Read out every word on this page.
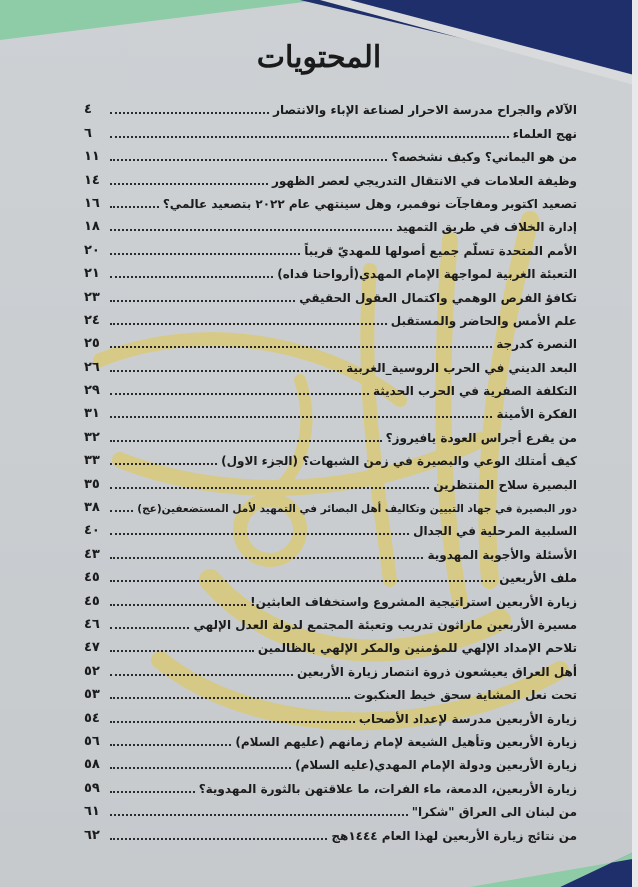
المحتويات
الآلام والجراح مدرسة الاحرار لصناعة الإباء والانتصار
٤
نهج العلماء
٦
من هو اليماني؟ وكيف نشخصه؟
١١
وظيفة العلامات في الانتقال التدريجي لعصر الظهور
١٤
تصعيد اكتوبر ومفاجآت نوفمبر، وهل سينتهي عام ٢٠٢٢ بتصعيد عالمي؟
١٦
إدارة الخلاف في طريق التمهيد
١٨
الأمم المتحدة تسلّم جميع أصولها للمهديّ قريباً
٢٠
التعبئة الغربية لمواجهة الإمام المهدي(أرواحنا فداه)
٢١
تكافؤ الفرص الوهمي واكتمال العقول الحقيقي
٢٣
علم الأمس والحاضر والمستقبل
٢٤
النصرة كدرجة
٢٥
البعد الديني في الحرب الروسية_الغربية
٢٦
التكلفة الصفرية في الحرب الحديثة
٢٩
الفكرة الأمينة
٣١
من يقرع أجراس العودة يافيروز؟
٣٢
كيف أمتلك الوعي والبصيرة في زمن الشبهات؟ (الجزء الاول)
٣٣
البصيرة سلاح المنتظرين
٣٥
دور البصيرة في جهاد التبيين وتكاليف أهل البصائر في التمهيد لأمل المستضعفين(عج)
٣٨
السلبية المرحلية في الجدال
٤٠
الأسئلة والأجوبة المهدوية
٤٣
ملف الأربعين
٤٥
زيارة الأربعين استراتيجية المشروع واستخفاف العابثين!
٤٥
مسيرة الأربعين ماراثون تدريب وتعبئة المجتمع لدولة العدل الإلهي
٤٦
تلاحم الإمداد الإلهي للمؤمنين والمكر الإلهي بالظالمين
٤٧
أهل العراق يعيشعون ذروة انتصار زيارة الأربعين
٥٢
تحت نعل المشاية سحق خيط العنكبوت
٥٣
زيارة الأربعين مدرسة لإعداد الأصحاب
٥٤
زيارة الأربعين وتأهيل الشيعة لإمام زمانهم (عليهم السلام)
٥٦
زيارة الأربعين ودولة الإمام المهدي(عليه السلام)
٥٨
زيارة الأربعين، الدمعة، ماء الفرات، ما علاقتهن بالثورة المهدوية؟
٥٩
من لبنان الى العراق "شكرا"
٦١
من نتائج زيارة الأربعين لهذا العام ١٤٤٤هج
٦٢
